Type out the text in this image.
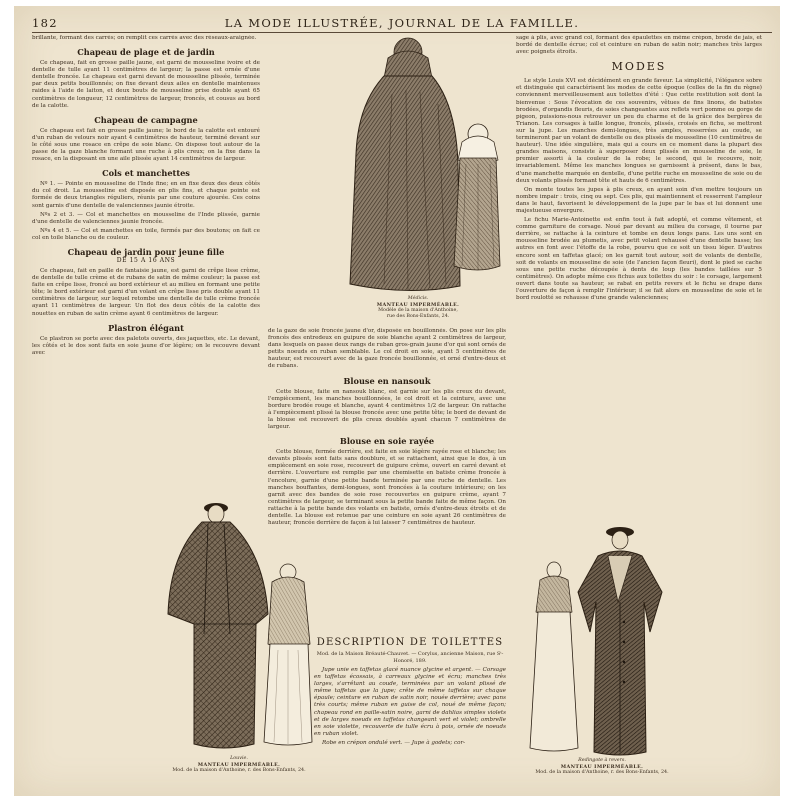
182	LA MODE ILLUSTRÉE, JOURNAL DE LA FAMILLE.

brillante, formant des carrés; on remplit ces carrés avec des réseaux-araignée.

Chapeau de plage et de jardin

Ce chapeau, fait en grosse paille jaune, est garni de mousseline ivoire et de dentelle de tulle ayant 11 centimètres de largeur; la passe est ornée d'une dentelle froncée. Le chapeau est garni devant de mousseline plissée, terminée par deux petits bouillonnés; on fixe devant deux ailes en dentelle maintenues raides à l'aide de laiton, et deux bouts de mousseline prise double ayant 65 centimètres de longueur, 12 centimètres de largeur, froncés, et cousus au bord de la calotte.

Chapeau de campagne

Ce chapeau est fait en grosse paille jaune; le bord de la calotte est entouré d'un ruban de velours noir ayant 4 centimètres de hauteur, terminé devant sur le côté sous une rosace en crêpe de soie blanc. On dispose tout autour de la passe de la gaze blanche formant une ruche à plis creux; on la fixe dans la rosace, en la disposant en une aile plissée ayant 14 centimètres de largeur.

Cols et manchettes

Nº 1. — Pointe en mousseline de l'Inde fine; en en fixe deux des deux côtés du col droit. La mousseline est disposée en plis fins, et chaque pointe est formée de deux triangles réguliers, réunis par une couture ajourée. Ces coins sont garnis d'une dentelle de valenciennes jaunie étroite.

Nºs 2 et 3. — Col et manchettes en mousseline de l'Inde plissée, garnie d'une dentelle de valenciennes jaunie froncée.

Nºs 4 et 5. — Col et manchettes en toile, fermés par des boutons; on fait ce col en toile blanche ou de couleur.

Chapeau de jardin pour jeune fille
DE 15 A 16 ANS

Ce chapeau, fait en paille de fantaisie jaune, est garni de crêpe lisse crème, de dentelle de tulle crème et de rubans de satin de même couleur; la passe est faite en crêpe lisse, froncé au bord extérieur et au milieu en formant une petite tête; le bord extérieur est garni d'un volant en crêpe lisse pris double ayant 11 centimètres de largeur, sur lequel retombe une dentelle de tulle crème froncée ayant 11 centimètres de largeur. Un flot des deux côtés de la calotte des nouettes en ruban de satin crème ayant 6 centimètres de largeur.

Plastron élégant

Ce plastron se porte avec des paletots ouverts, des jaquettes, etc. Le devant, les côtés et le dos sont faits en soie jaune d'or légère; on le recouvre devant avec

Médicis.
MANTEAU IMPERMÉABLE.
Modèle de la maison d'Anthoine,
rue des Bons-Enfants, 24.

de la gaze de soie froncée jaune d'or, disposée en bouillonnés. On pose sur les plis froncés des entredeux en guipure de soie blanche ayant 2 centimètres de largeur, dans lesquels on passe deux rangs de ruban gros-grain jaune d'or qui sont ornés de petits noeuds en ruban semblable. Le col droit en soie, ayant 5 centimètres de hauteur, est recouvert avec de la gaze froncée bouillonnée, et orné d'entre-deux et de rubans.

Blouse en nansouk

Cette blouse, faite en nansouk blanc, est garnie sur les plis creux du devant, l'empiècement, les manches bouillonnées, le col droit et la ceinture, avec une bordure brodée rouge et blanche, ayant 4 centimètres 1/2 de largeur. On rattache à l'empiècement plissé la blouse froncée avec une petite tête; le bord de devant de la blouse est recouvert de plis creux doublés ayant chacun 7 centimètres de largeur.

Blouse en soie rayée

Cette blouse, fermée derrière, est faite en soie légère rayée rose et blanche; les devants plissés sont faits sans doublure, et se rattachent, ainsi que le dos, à un empiècement en soie rose, recouvert de guipure crème, ouvert en carré devant et derrière. L'ouverture est remplie par une chemisette en batiste crème froncée à l'encolure, garnie d'une petite bande terminée par une ruche de dentelle. Les manches bouffantes, demi-longues, sont froncées à la couture intérieure; on les garnit avec des bandes de soie rose recouvertes en guipure crème, ayant 7 centimètres de largeur, se terminant sous la petite bande faite de même façon. On rattache à la petite bande des volants en batiste, ornés d'entre-deux étroits et de dentelle. La blouse est retenue par une ceinture en soie ayant 26 centimètres de hauteur, froncée derrière de façon à lui laisser 7 centimètres de hauteur.

DESCRIPTION DE TOILETTES
Mod. de la Maison Bréauté-Chauvet. — Corylus, ancienne Maison, rue Sᵗ-Honoré, 189.

Jupe unie en taffetas glacé nuance glycine et argent. — Corsage en taffetas écossais, à carreaux glycine et écru; manches très larges, s'arrêtant au coude, terminées par un volant plissé de même taffetas que la jupe; crête de même taffetas sur chaque épaule; ceinture en ruban de satin noir, nouée derrière; avec pans très courts; même ruban en guise de col, noué de même façon; chapeau rond en paille-satin noire, garni de dahlias simples violets et de larges noeuds en taffetas changeant vert et violet; ombrelle en soie violette, recouverte de tulle écru à pois, ornée de noeuds en ruban violet.

Robe en crépon ondulé vert. — Jupe à godets; cor-

sage à plis, avec grand col, formant des épaulettes en même crépon, brodé de jais, et bordé de dentelle écrue; col et ceinture en ruban de satin noir; manches très larges avec poignets étroits.

MODES

Le style Louis XVI est décidément en grande faveur. La simplicité, l'élégance sobre et distinguée qui caractérisent les modes de cette époque (celles de la fin du règne) conviennent merveilleusement aux toilettes d'été : Que cette restitution soit dont la bienvenue : Sous l'évocation de ces souvenirs, vêtues de fins linons, de batistes brodées, d'organdis fleuris, de soies changeantes aux reflets vert pomme ou gorge de pigeon, puissions-nous retrouver un peu du charme et de la grâce des bergères de Trianon. Les corsages à taille longue, froncés, plissés, croisés en fichu, se mettront sur la jupe. Les manches demi-longues, très amples, resserrées au coude, se termineront par un volant de dentelle ou des plissés de mousseline (10 centimètres de hauteur). Une idée singulière, mais qui a cours en ce moment dans la plupart des grandes maisons, consiste à superposer deux plissés en mousseline de soie, le premier assorti à la couleur de la robe; le second, qui le recouvre, noir, invariablement. Même les manches longues se garnissent à présent, dans le bas, d'une manchette marquée en dentelle, d'une petite ruche en mousseline de soie ou de deux volants plissés formant tête et hauts de 6 centimètres.

On monte toutes les jupes à plis creux, en ayant soin d'en mettre toujours un nombre impair : trois, cinq ou sept. Ces plis, qui maintiennent et resserrent l'ampleur dans le haut, favorisent le développement de la jupe par le bas et lui donnent une majestueuse envergure.

Le fichu Marie-Antoinette est enfin tout à fait adopté, et comme vêtement, et comme garniture de corsage. Noué par devant au milieu du corsage, il tourne par derrière, se rattache à la ceinture et tombe en deux longs pans. Les uns sont en mousseline brodée au plumetis, avec petit volant rehaussé d'une dentelle basse; les autres en font avec l'étoffe de la robe, pourvu que ce soit un tissu léger. D'autres encore sont en taffetas glacé; on les garnit tout autour, soit de volants de dentelle, soit de volants en mousseline de soie (de l'ancien façon fleuri), dont le pied se cache sous une petite ruche découpée à dents de loup (les bandes taillées sur 5 centimètres). On adopte même ces fichus aux toilettes du soir : le corsage, largement ouvert dans toute sa hauteur, se rabat en petits revers et le fichu se drape dans l'ouverture de façon à remplir l'intérieur; il se fait alors en mousseline de soie et le bord roulotté se rehausse d'une grande valenciennes;

Louvie.
MANTEAU IMPERMÉABLE.
Mod. de la maison d'Anthoine, r. des Bons-Enfants, 24.
Redingote à revers.
MANTEAU IMPERMÉABLE.
Mod. de la maison d'Anthoine, r. des Bons-Enfants, 24.
